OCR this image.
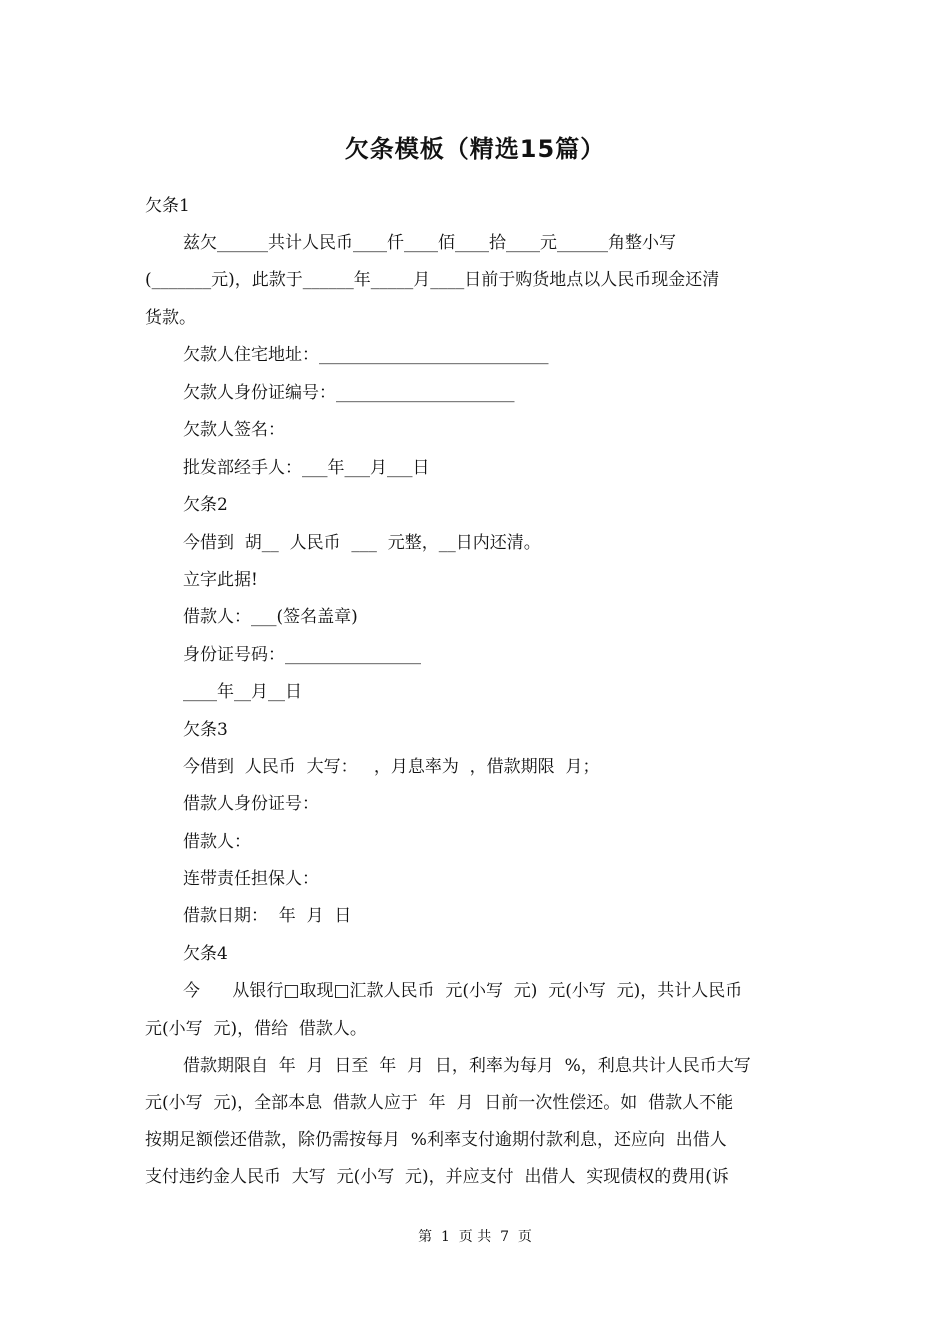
欠条模板（精选15篇）
欠条1
兹欠______共计人民币____仟____佰____拾____元______角整小写
(_______元)，此款于______年_____月____日前于购货地点以人民币现金还清
货款。
欠款人住宅地址：___________________________
欠款人身份证编号：_____________________
欠款人签名：
批发部经手人：___年___月___日
欠条2
今借到  胡__  人民币  ___  元整，__日内还清。
立字此据!
借款人：___(签名盖章)
身份证号码：________________
____年__月__日
欠条3
今借到  人民币  大写：   ，月息率为  ，借款期限  月；
借款人身份证号：
借款人：
连带责任担保人：
借款日期：  年  月  日
欠条4
今      从银行□取现□汇款人民币  元(小写  元)  元(小写  元)，共计人民币
元(小写  元)，借给  借款人。
借款期限自  年  月  日至  年  月  日，利率为每月  %，利息共计人民币大写
元(小写  元)，全部本息  借款人应于  年  月  日前一次性偿还。如  借款人不能
按期足额偿还借款，除仍需按每月  %利率支付逾期付款利息，还应向  出借人
支付违约金人民币  大写  元(小写  元)，并应支付  出借人  实现债权的费用(诉
第  1  页 共  7  页
